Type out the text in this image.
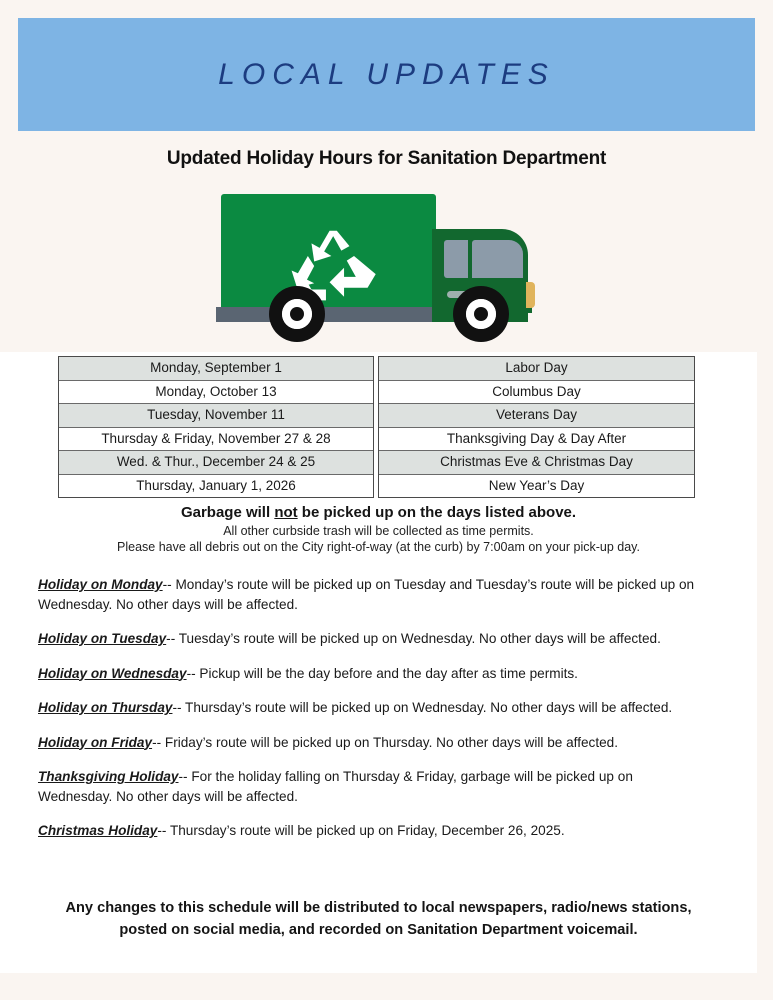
LOCAL UPDATES
Updated Holiday Hours for Sanitation Department
Monday, September 1
Monday, October 13
Tuesday, November 11
Thursday & Friday, November 27 & 28
Wed. & Thur., December 24 & 25
Thursday, January 1, 2026
Labor Day
Columbus Day
Veterans Day
Thanksgiving Day & Day After
Christmas Eve & Christmas Day
New Year’s Day
Garbage will not be picked up on the days listed above.
All other curbside trash will be collected as time permits.
Please have all debris out on the City right-of-way (at the curb) by 7:00am on your pick-up day.
Holiday on Monday-- Monday’s route will be picked up on Tuesday and Tuesday’s route will be picked up on Wednesday. No other days will be affected.
Holiday on Tuesday-- Tuesday’s route will be picked up on Wednesday. No other days will be affected.
Holiday on Wednesday-- Pickup will be the day before and the day after as time permits.
Holiday on Thursday-- Thursday’s route will be picked up on Wednesday. No other days will be affected.
Holiday on Friday-- Friday’s route will be picked up on Thursday. No other days will be affected.
Thanksgiving Holiday-- For the holiday falling on Thursday & Friday, garbage will be picked up on Wednesday. No other days will be affected.
Christmas Holiday-- Thursday’s route will be picked up on Friday, December 26, 2025.
Any changes to this schedule will be distributed to local newspapers, radio/news stations, posted on social media, and recorded on Sanitation Department voicemail.
